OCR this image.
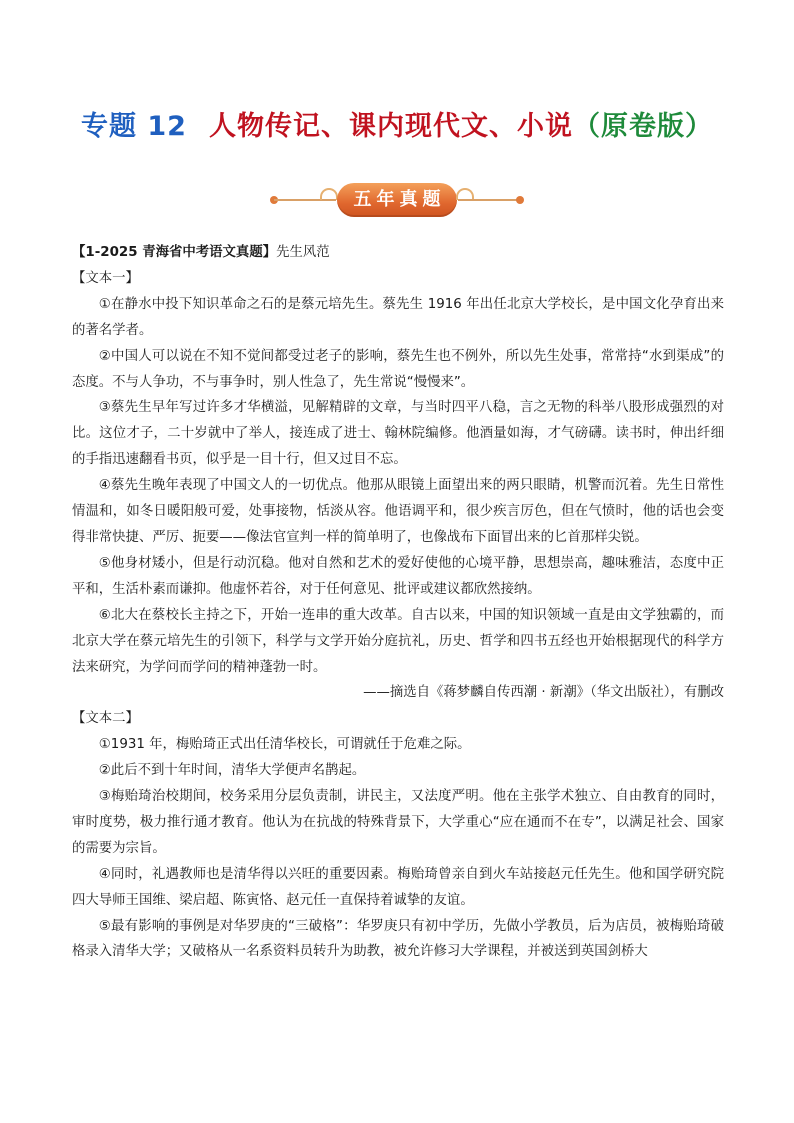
专题 12 人物传记、课内现代文、小说（原卷版）
五年真题

【1-2025 青海省中考语文真题】先生风范

【文本一】

①在静水中投下知识革命之石的是蔡元培先生。蔡先生 1916 年出任北京大学校长，是中国文化孕育出来的著名学者。

②中国人可以说在不知不觉间都受过老子的影响，蔡先生也不例外，所以先生处事，常常持“水到渠成”的态度。不与人争功，不与事争时，别人性急了，先生常说“慢慢来”。

③蔡先生早年写过许多才华横溢，见解精辟的文章，与当时四平八稳，言之无物的科举八股形成强烈的对比。这位才子，二十岁就中了举人，接连成了进士、翰林院编修。他酒量如海，才气磅礴。读书时，伸出纤细的手指迅速翻看书页，似乎是一目十行，但又过目不忘。

④蔡先生晚年表现了中国文人的一切优点。他那从眼镜上面望出来的两只眼睛，机警而沉着。先生日常性情温和，如冬日暖阳般可爱，处事接物，恬淡从容。他语调平和，很少疾言厉色，但在气愤时，他的话也会变得非常快捷、严厉、扼要——像法官宣判一样的简单明了，也像战布下面冒出来的匕首那样尖锐。

⑤他身材矮小，但是行动沉稳。他对自然和艺术的爱好使他的心境平静，思想崇高，趣味雅洁，态度中正平和，生活朴素而谦抑。他虚怀若谷，对于任何意见、批评或建议都欣然接纳。

⑥北大在蔡校长主持之下，开始一连串的重大改革。自古以来，中国的知识领域一直是由文学独霸的，而北京大学在蔡元培先生的引领下，科学与文学开始分庭抗礼，历史、哲学和四书五经也开始根据现代的科学方法来研究，为学问而学问的精神蓬勃一时。

——摘选自《蒋梦麟自传西潮 · 新潮》（华文出版社），有删改

【文本二】

①1931 年，梅贻琦正式出任清华校长，可谓就任于危难之际。

②此后不到十年时间，清华大学便声名鹊起。

③梅贻琦治校期间，校务采用分层负责制，讲民主，又法度严明。他在主张学术独立、自由教育的同时，审时度势，极力推行通才教育。他认为在抗战的特殊背景下，大学重心“应在通而不在专”，以满足社会、国家的需要为宗旨。

④同时，礼遇教师也是清华得以兴旺的重要因素。梅贻琦曾亲自到火车站接赵元任先生。他和国学研究院四大导师王国维、梁启超、陈寅恪、赵元任一直保持着诚挚的友谊。

⑤最有影响的事例是对华罗庚的“三破格”：华罗庚只有初中学历，先做小学教员，后为店员，被梅贻琦破格录入清华大学；又破格从一名系资料员转升为助教，被允许修习大学课程，并被送到英国剑桥大
